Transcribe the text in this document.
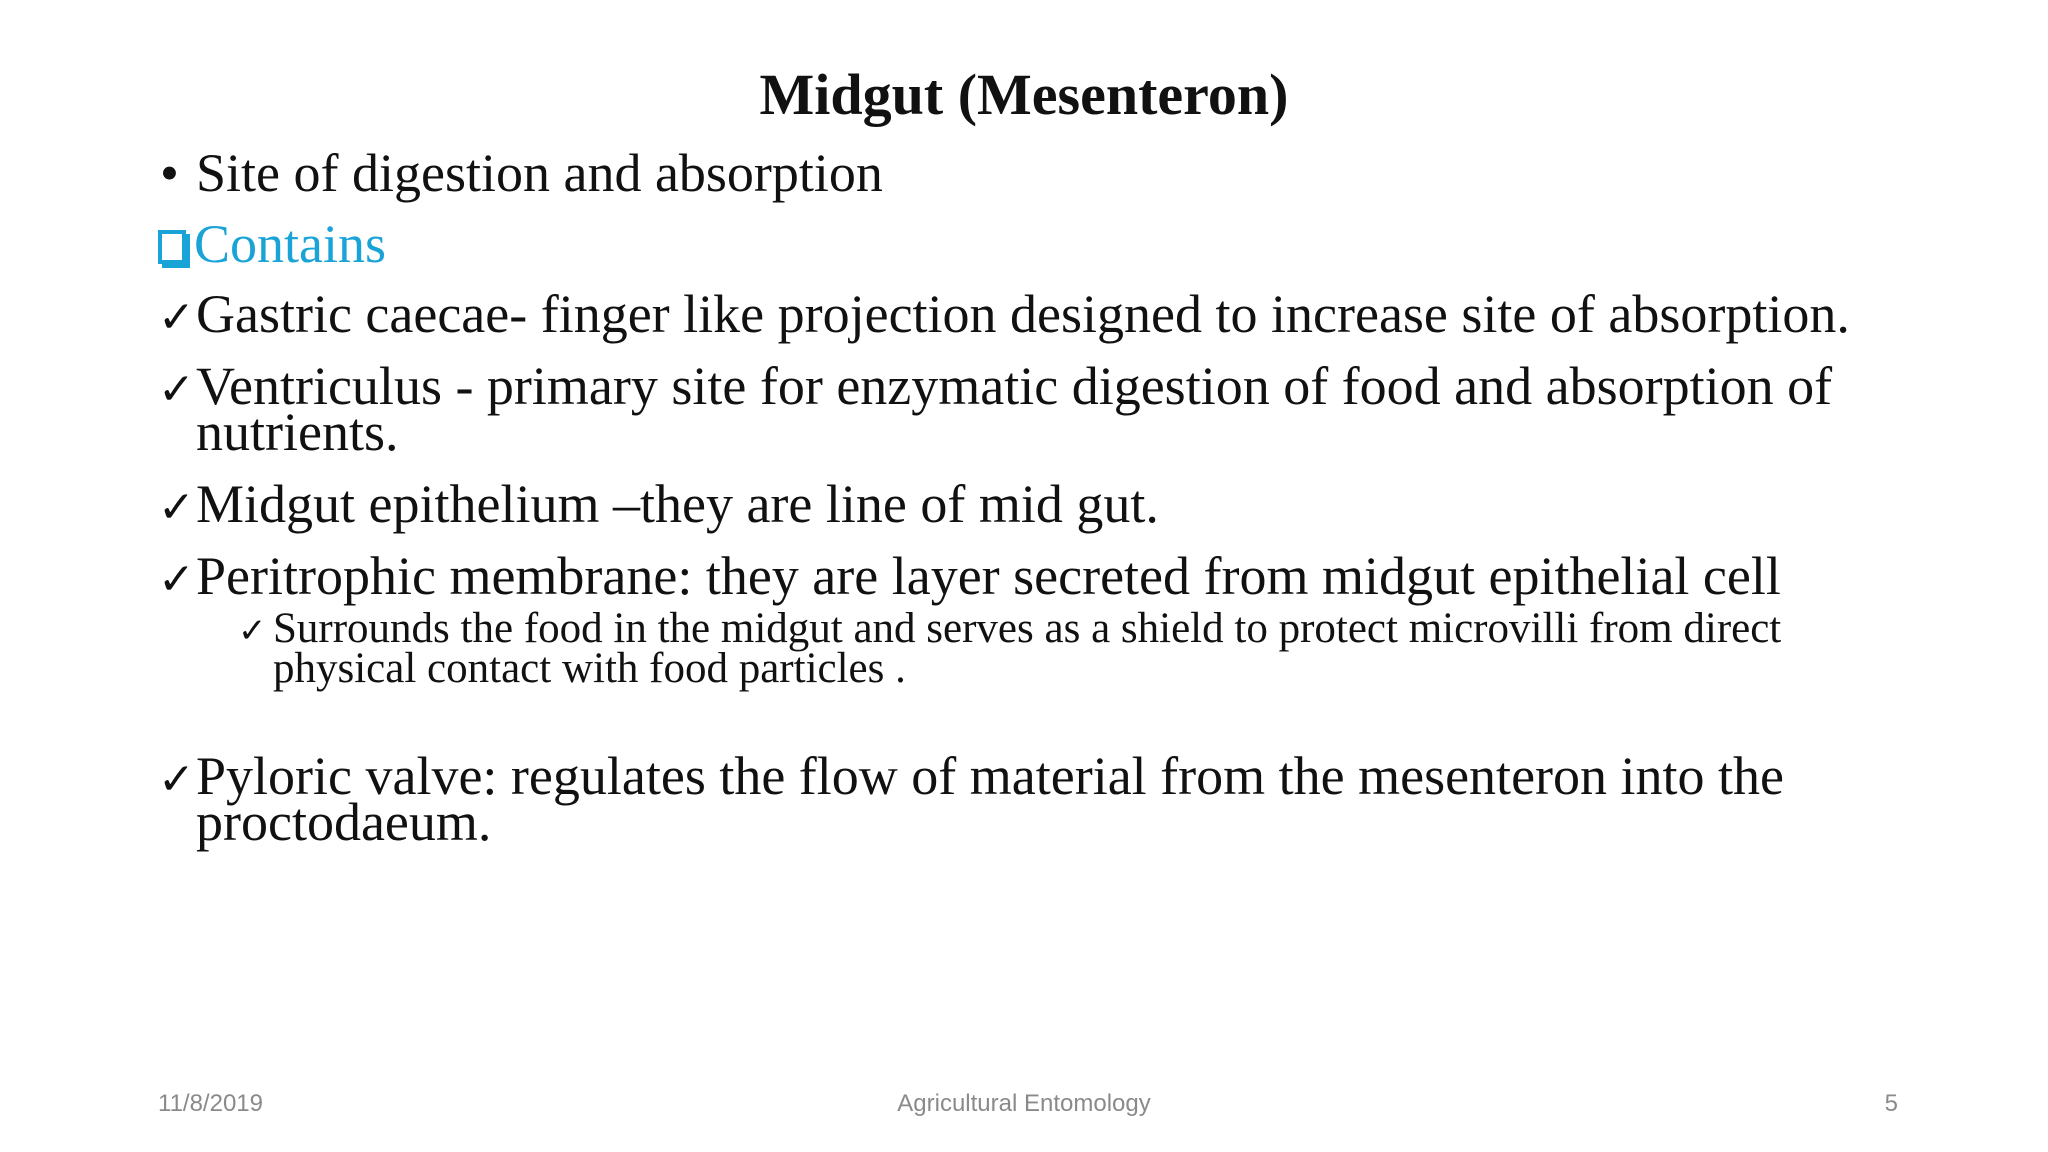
Midgut (Mesenteron)
• Site of digestion and absorption
Contains
✓ Gastric caecae- finger like projection designed to increase site of absorption.
✓ Ventriculus - primary site for enzymatic digestion of food and absorption of nutrients.
✓ Midgut epithelium –they are line of mid gut.
✓ Peritrophic membrane: they are layer secreted from midgut epithelial cell
✓ Surrounds the food in the midgut and serves as a shield to protect microvilli from direct physical contact with food particles .
✓ Pyloric valve: regulates the flow of material from the mesenteron into the proctodaeum.
Agricultural Entomology
11/8/2019	5
